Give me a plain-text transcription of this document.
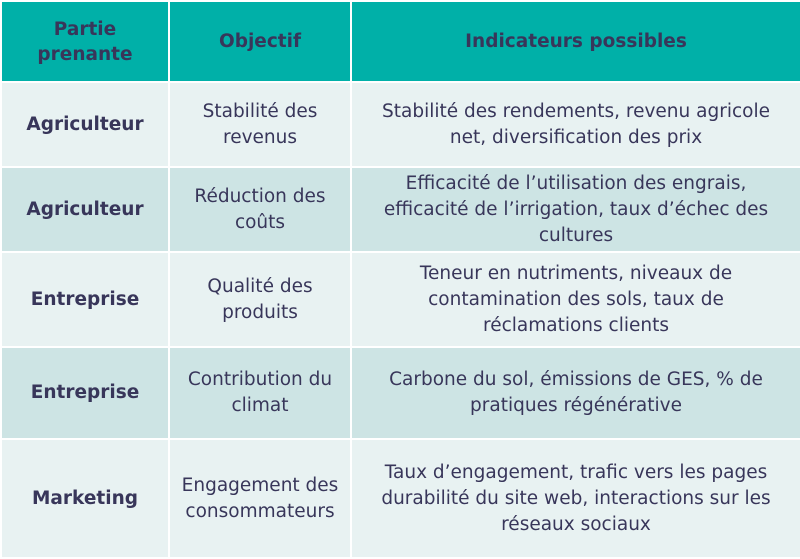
Partie prenante	Objectif	Indicateurs possibles
Agriculteur	Stabilité des revenus	Stabilité des rendements, revenu agricole net, diversification des prix
Agriculteur	Réduction des coûts	Efficacité de l’utilisation des engrais, efficacité de l’irrigation, taux d’échec des cultures
Entreprise	Qualité des produits	Teneur en nutriments, niveaux de contamination des sols, taux de réclamations clients
Entreprise	Contribution du climat	Carbone du sol, émissions de GES, % de pratiques régénérative
Marketing	Engagement des consommateurs	Taux d’engagement, trafic vers les pages durabilité du site web, interactions sur les réseaux sociaux
